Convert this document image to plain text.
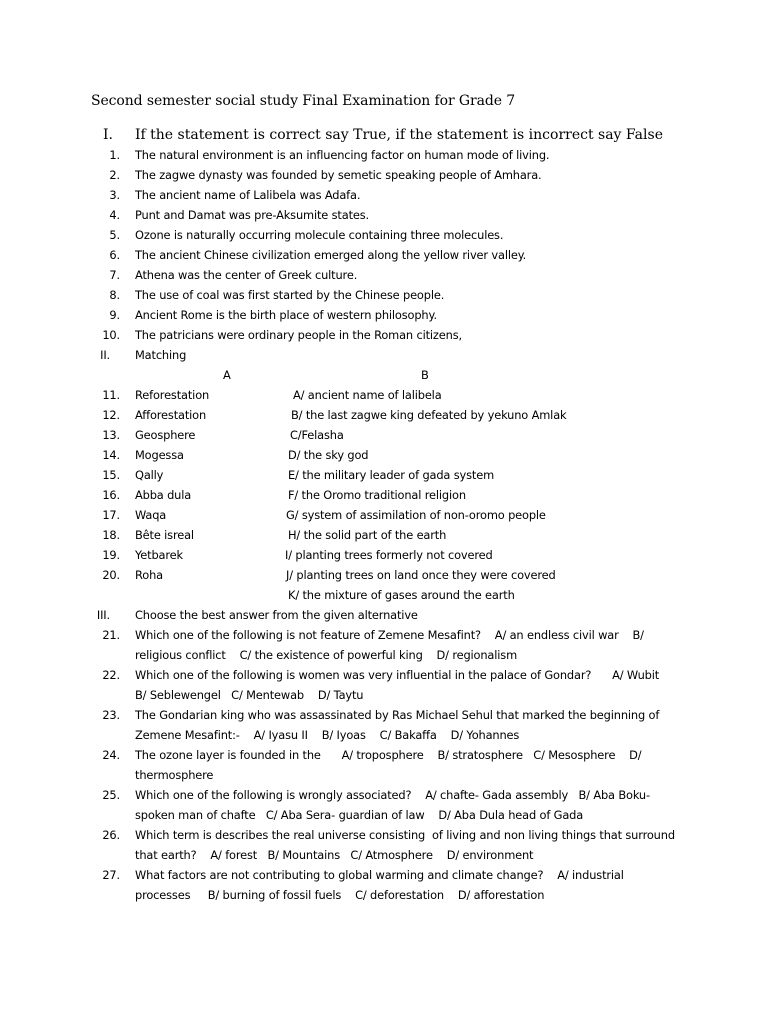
Second semester social study Final Examination for Grade 7
I. If the statement is correct say True, if the statement is incorrect say False
1. The natural environment is an influencing factor on human mode of living.
2. The zagwe dynasty was founded by semetic speaking people of Amhara.
3. The ancient name of Lalibela was Adafa.
4. Punt and Damat was pre-Aksumite states.
5. Ozone is naturally occurring molecule containing three molecules.
6. The ancient Chinese civilization emerged along the yellow river valley.
7. Athena was the center of Greek culture.
8. The use of coal was first started by the Chinese people.
9. Ancient Rome is the birth place of western philosophy.
10. The patricians were ordinary people in the Roman citizens,
II. Matching
A	B
11. Reforestation
12. Afforestation
13. Geosphere
14. Mogessa
15. Qally
16. Abba dula
17. Waqa
18. Bête isreal
19. Yetbarek
20. Roha
A/ ancient name of lalibela
B/ the last zagwe king defeated by yekuno Amlak
C/Felasha
D/ the sky god
E/ the military leader of gada system
F/ the Oromo traditional religion
G/ system of assimilation of non-oromo people
H/ the solid part of the earth
I/ planting trees formerly not covered
J/ planting trees on land once they were covered
K/ the mixture of gases around the earth
III. Choose the best answer from the given alternative
21. Which one of the following is not feature of Zemene Mesafint?    A/ an endless civil war    B/
religious conflict    C/ the existence of powerful king    D/ regionalism
22. Which one of the following is women was very influential in the palace of Gondar?      A/ Wubit
B/ Seblewengel   C/ Mentewab    D/ Taytu
23. The Gondarian king who was assassinated by Ras Michael Sehul that marked the beginning of
Zemene Mesafint:-    A/ Iyasu II    B/ Iyoas    C/ Bakaffa    D/ Yohannes
24. The ozone layer is founded in the      A/ troposphere    B/ stratosphere   C/ Mesosphere    D/
thermosphere
25. Which one of the following is wrongly associated?    A/ chafte- Gada assembly   B/ Aba Boku-
spoken man of chafte   C/ Aba Sera- guardian of law    D/ Aba Dula head of Gada
26. Which term is describes the real universe consisting  of living and non living things that surround
that earth?    A/ forest   B/ Mountains   C/ Atmosphere    D/ environment
27. What factors are not contributing to global warming and climate change?    A/ industrial
processes     B/ burning of fossil fuels    C/ deforestation    D/ afforestation
